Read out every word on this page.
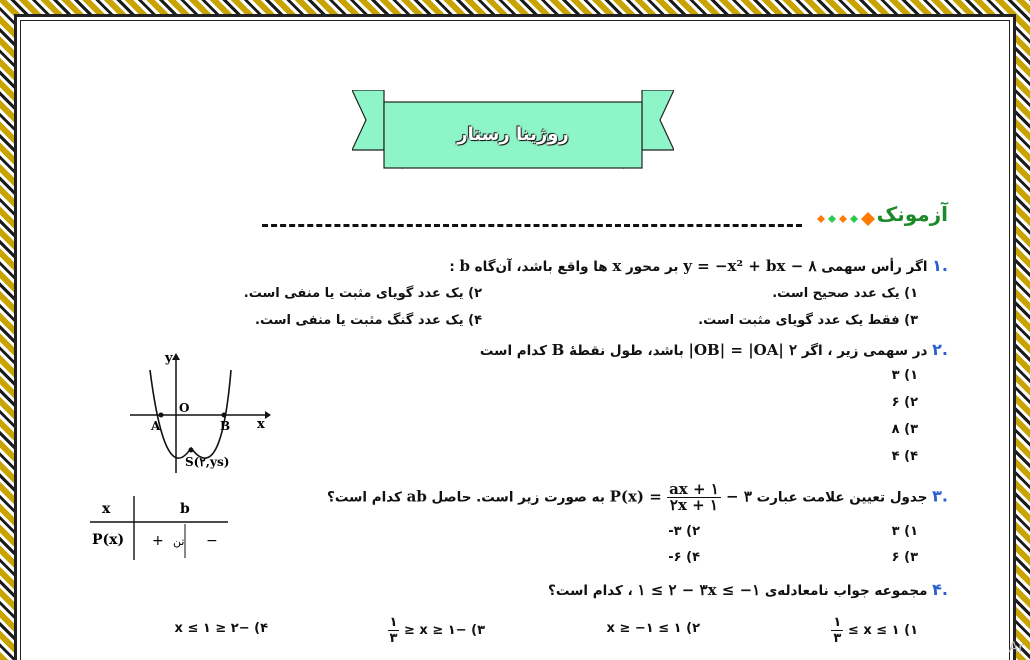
روژینا رستار
آزمونک
.۱ اگر رأس سهمی y = −x² + bx − ۸ بر محور x ها واقع باشد، آن‌گاه b :
۱) یک عدد صحیح است.
۲) یک عدد گویای مثبت یا منفی است.
۳) فقط یک عدد گویای مثبت است.
۴) یک عدد گنگ مثبت یا منفی است.
.۲ در سهمی زیر ، اگر |OB| = |OA| ۲ باشد، طول نقطهٔ B کدام است
۱) ۳
۲) ۶
۳) ۸
۴) ۴
y
x
O
A	B
S(۲,ys)
.۳ جدول تعیین علامت عبارت $P(x) = \frac{ax + ۱}{۲x + ۱}$ − ۳ به صورت زیر است. حاصل ab کدام است؟
۱) ۳
۲) ۳-
۳) ۶
۴) ۶-
x	b
P(x) + تن −
.۴ مجموعه جواب نامعادله‌ی ۱ ≤ ۲ − ۳x ≤ −۱ ، کدام است؟
۱) ۱ ≥ x ≥
$\frac{۱}{۳}$
۲) ۱ ≥ x ≥ −۱
۳) −۱ ≤ x ≤
$\frac{۱}{۳}$
۴) −۲ ≤ x ≤ ۱
Ar
